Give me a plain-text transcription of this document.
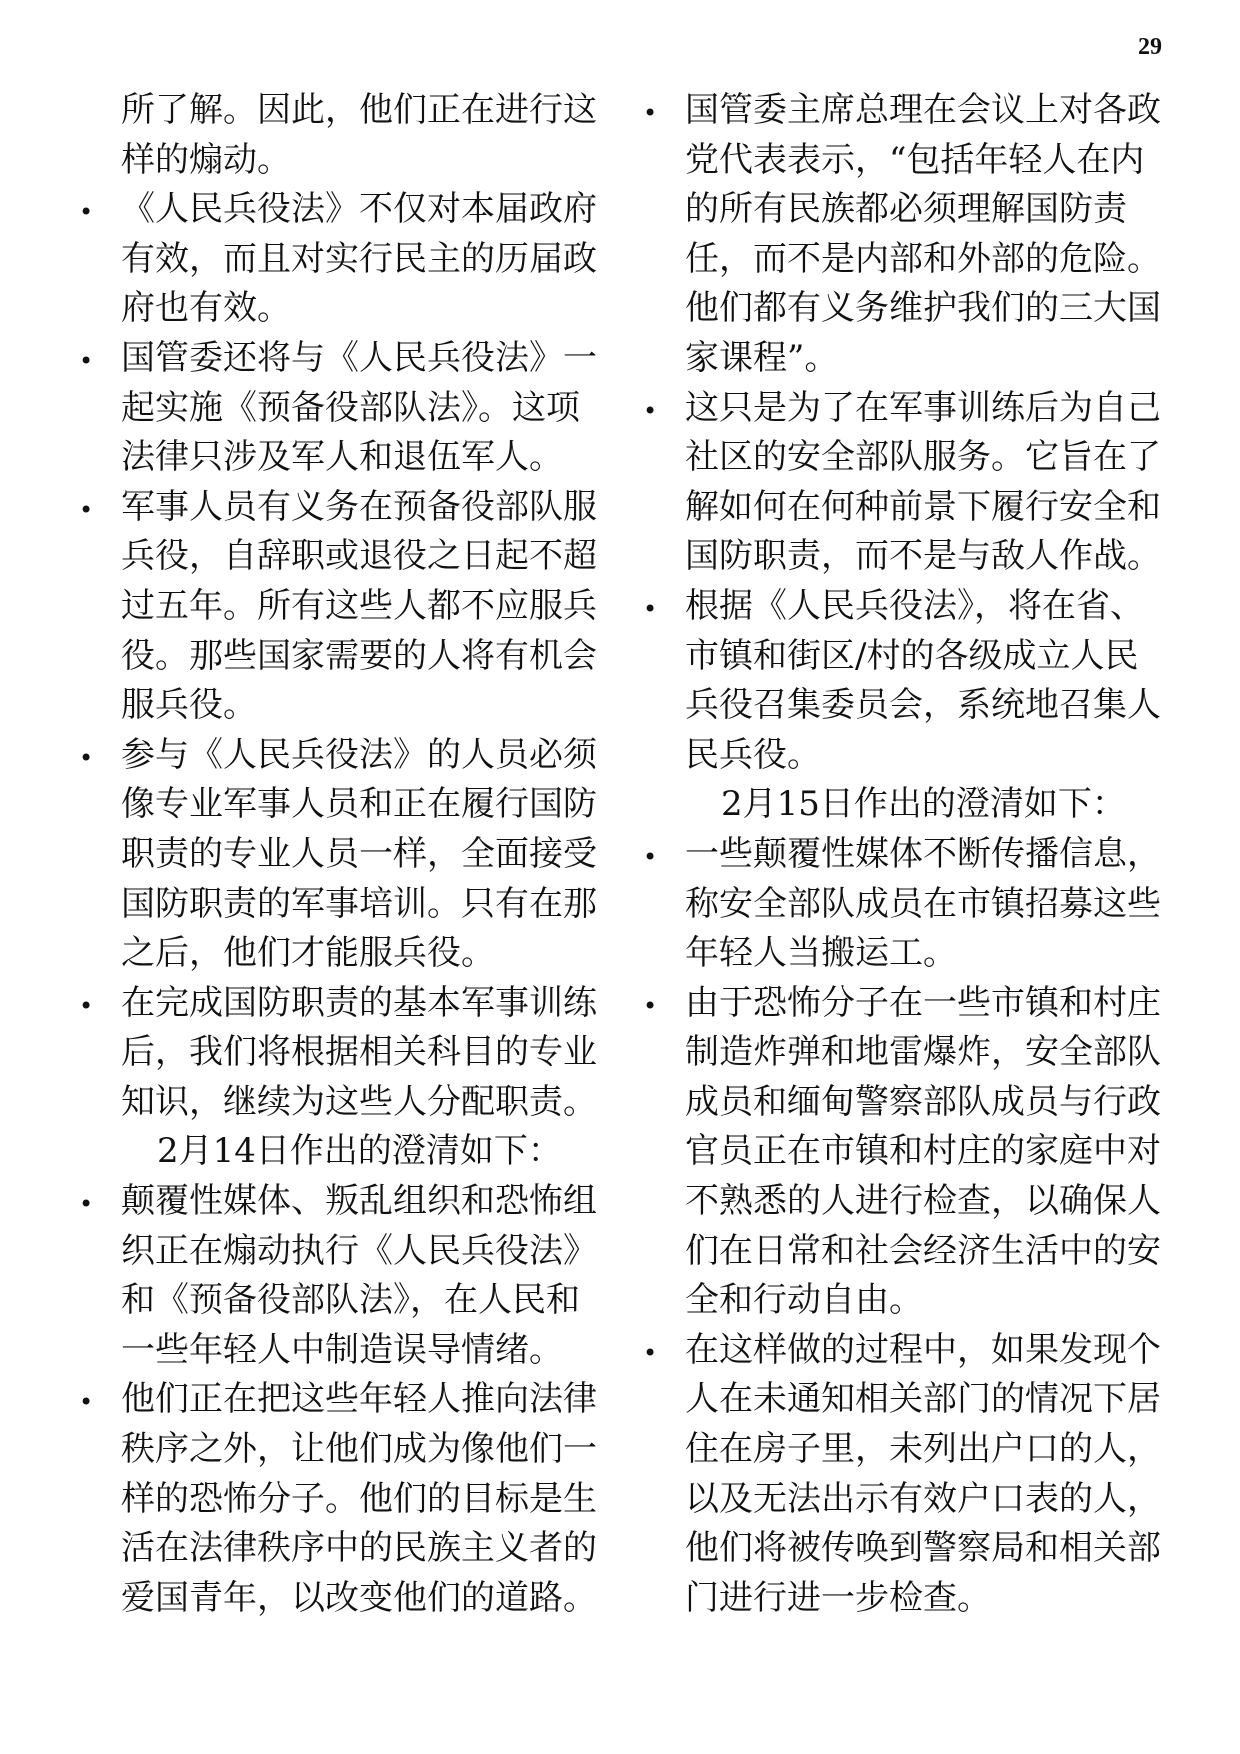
29
所了解。因此，他们正在进行这
样的煽动。
• 《人民兵役法》不仅对本届政府
有效，而且对实行民主的历届政
府也有效。
• 国管委还将与《人民兵役法》一
起实施《预备役部队法》。这项
法律只涉及军人和退伍军人。
• 军事人员有义务在预备役部队服
兵役，自辞职或退役之日起不超
过五年。所有这些人都不应服兵
役。那些国家需要的人将有机会
服兵役。
• 参与《人民兵役法》的人员必须
像专业军事人员和正在履行国防
职责的专业人员一样，全面接受
国防职责的军事培训。只有在那
之后，他们才能服兵役。
• 在完成国防职责的基本军事训练
后，我们将根据相关科目的专业
知识，继续为这些人分配职责。
2月14日作出的澄清如下：
• 颠覆性媒体、叛乱组织和恐怖组
织正在煽动执行《人民兵役法》
和《预备役部队法》，在人民和
一些年轻人中制造误导情绪。
• 他们正在把这些年轻人推向法律
秩序之外，让他们成为像他们一
样的恐怖分子。他们的目标是生
活在法律秩序中的民族主义者的
爱国青年，以改变他们的道路。
• 国管委主席总理在会议上对各政
党代表表示，“包括年轻人在内
的所有民族都必须理解国防责
任，而不是内部和外部的危险。
他们都有义务维护我们的三大国
家课程”。
• 这只是为了在军事训练后为自己
社区的安全部队服务。它旨在了
解如何在何种前景下履行安全和
国防职责，而不是与敌人作战。
• 根据《人民兵役法》，将在省、
市镇和街区/村的各级成立人民
兵役召集委员会，系统地召集人
民兵役。
2月15日作出的澄清如下：
• 一些颠覆性媒体不断传播信息，
称安全部队成员在市镇招募这些
年轻人当搬运工。
• 由于恐怖分子在一些市镇和村庄
制造炸弹和地雷爆炸，安全部队
成员和缅甸警察部队成员与行政
官员正在市镇和村庄的家庭中对
不熟悉的人进行检查，以确保人
们在日常和社会经济生活中的安
全和行动自由。
• 在这样做的过程中，如果发现个
人在未通知相关部门的情况下居
住在房子里，未列出户口的人，
以及无法出示有效户口表的人，
他们将被传唤到警察局和相关部
门进行进一步检查。
